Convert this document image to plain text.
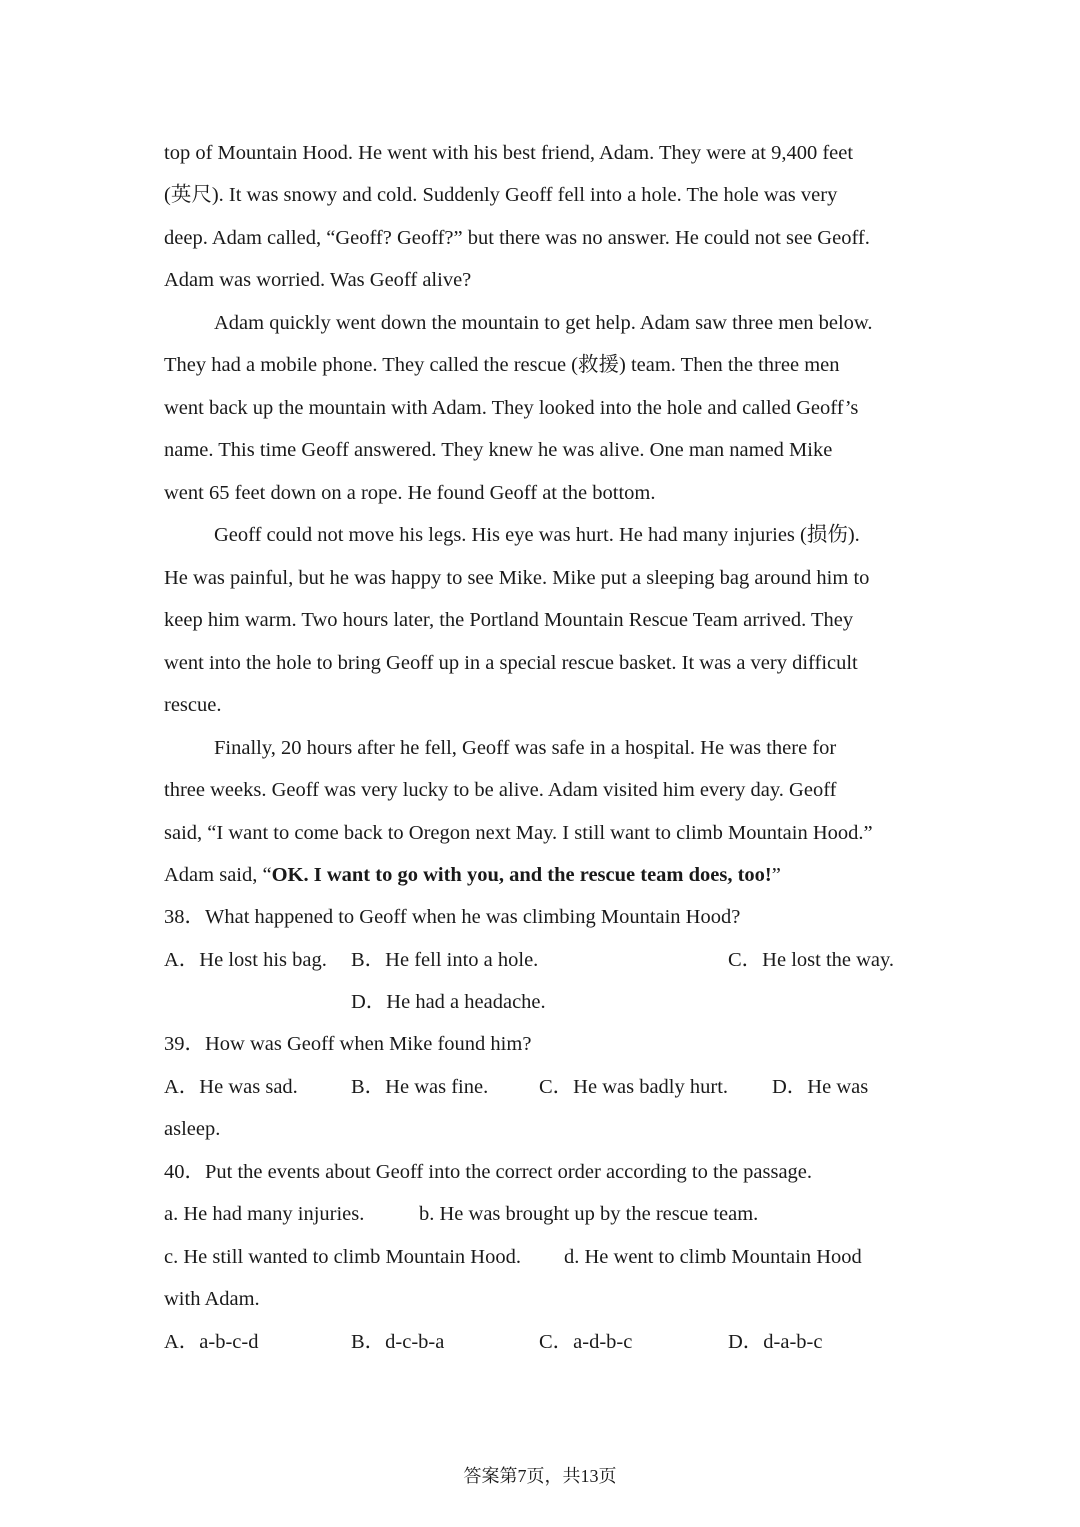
top of Mountain Hood. He went with his best friend, Adam. They were at 9,400 feet
(英尺). It was snowy and cold. Suddenly Geoff fell into a hole. The hole was very
deep. Adam called, “Geoff? Geoff?” but there was no answer. He could not see Geoff.
Adam was worried. Was Geoff alive?
Adam quickly went down the mountain to get help. Adam saw three men below.
They had a mobile phone. They called the rescue (救援) team. Then the three men
went back up the mountain with Adam. They looked into the hole and called Geoff’s
name. This time Geoff answered. They knew he was alive. One man named Mike
went 65 feet down on a rope. He found Geoff at the bottom.
Geoff could not move his legs. His eye was hurt. He had many injuries (损伤).
He was painful, but he was happy to see Mike. Mike put a sleeping bag around him to
keep him warm. Two hours later, the Portland Mountain Rescue Team arrived. They
went into the hole to bring Geoff up in a special rescue basket. It was a very difficult
rescue.
Finally, 20 hours after he fell, Geoff was safe in a hospital. He was there for
three weeks. Geoff was very lucky to be alive. Adam visited him every day. Geoff
said, “I want to come back to Oregon next May. I still want to climb Mountain Hood.”
Adam said, “OK. I want to go with you, and the rescue team does, too!”
38．What happened to Geoff when he was climbing Mountain Hood?
A．He lost his bag. B．He fell into a hole.	C．He lost the way.
D．He had a headache.
39．How was Geoff when Mike found him?
A．He was sad.	B．He was fine. C．He was badly hurt. D．He was
asleep.
40．Put the events about Geoff into the correct order according to the passage.
a. He had many injuries.	b. He was brought up by the rescue team.
c. He still wanted to climb Mountain Hood. d. He went to climb Mountain Hood
with Adam.
A．a-b-c-d	B．d-c-b-a	C．a-d-b-c	D．d-a-b-c
答案第7页，共13页
